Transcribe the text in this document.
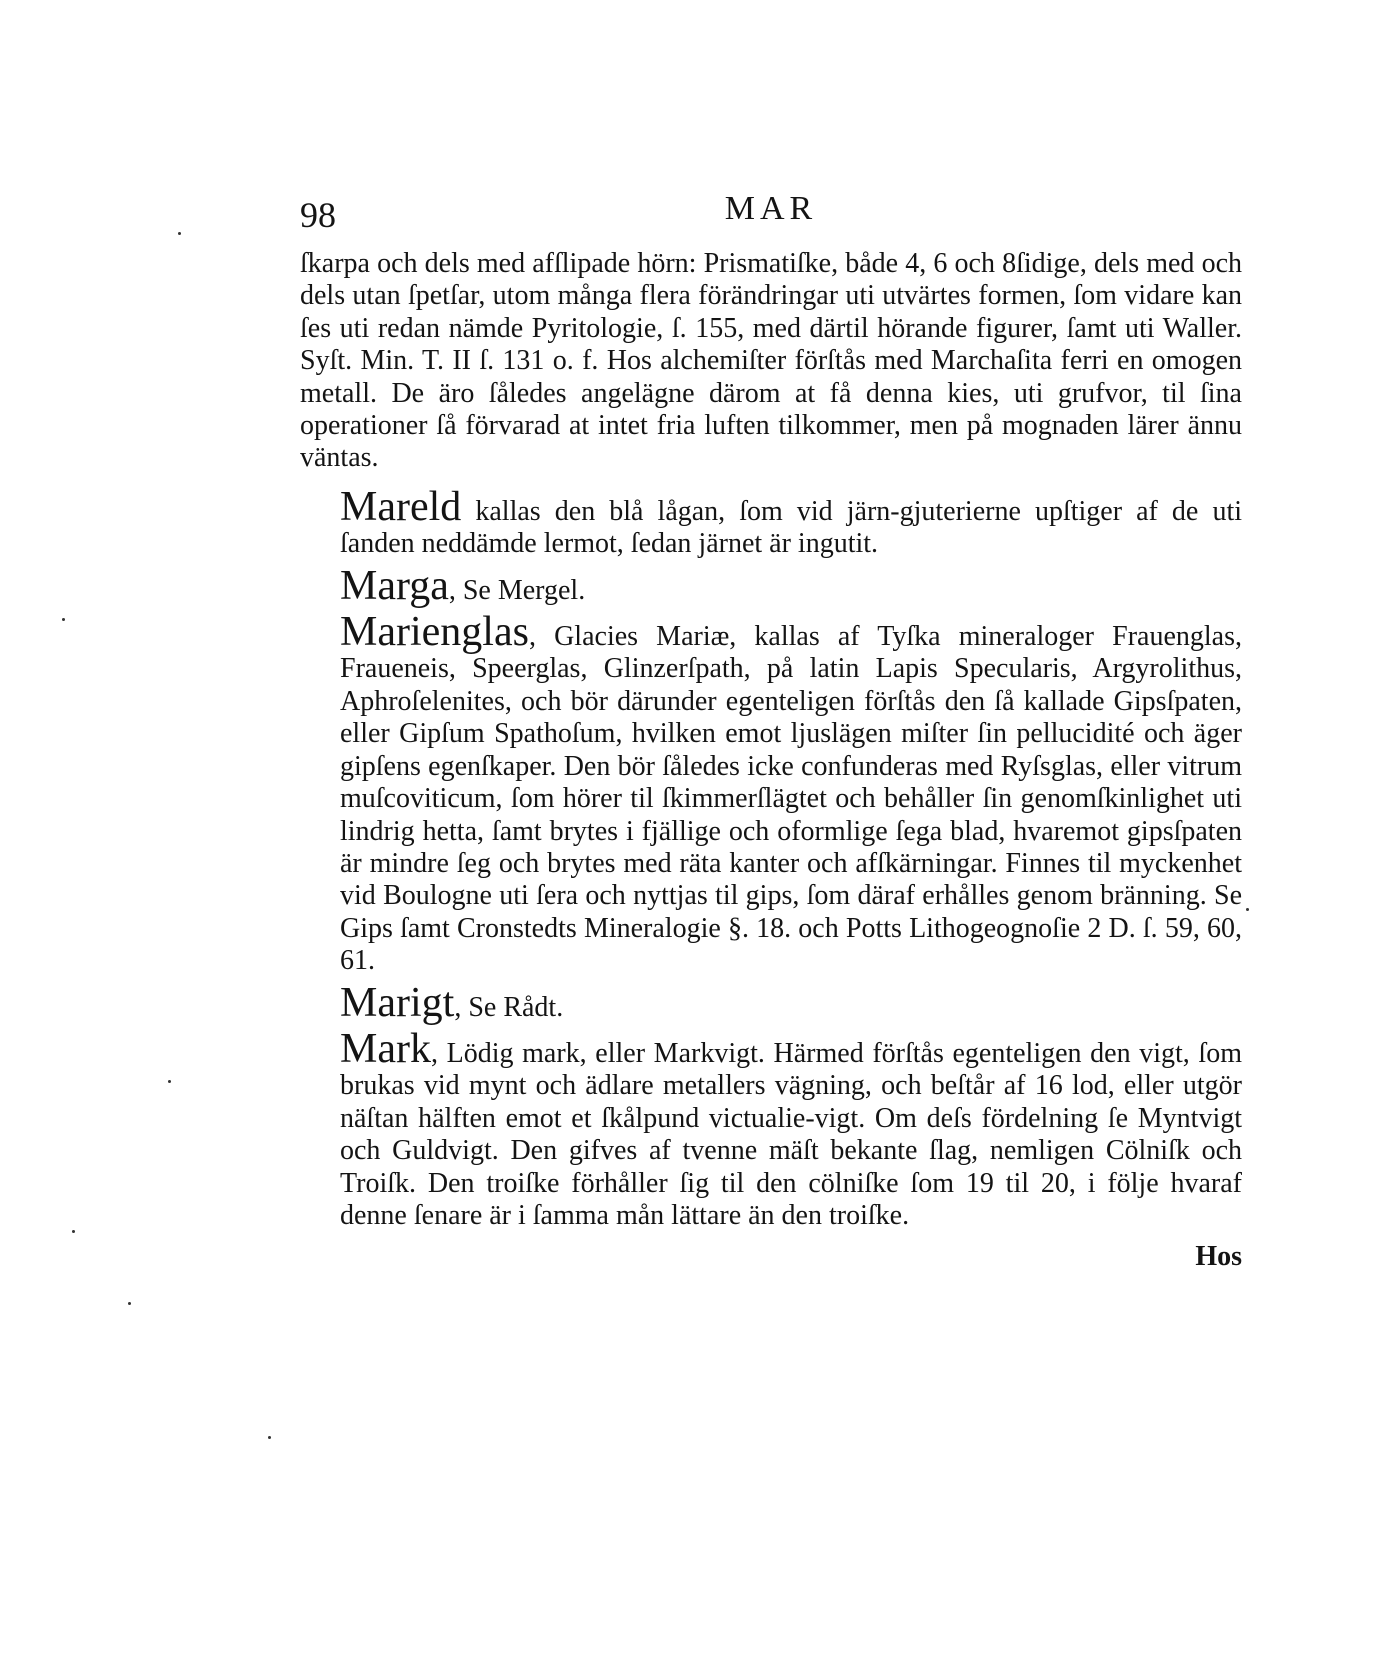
98	MAR

ſkarpa och dels med afſlipade hörn: Prismatiſke, både 4, 6 och 8ſidige, dels med och dels utan ſpetſar, utom många flera förändringar uti utvärtes formen, ſom vidare kan ſes uti redan nämde Pyritologie, ſ. 155, med därtil hörande figurer, ſamt uti Waller. Syſt. Min. T. II ſ. 131 o. f. Hos alchemiſter förſtås med Marchaſita ferri en omogen metall. De äro ſåledes angelägne därom at få denna kies, uti grufvor, til ſina operationer ſå förvarad at intet fria luften tilkommer, men på mognaden lärer ännu väntas.

Mareld kallas den blå lågan, ſom vid järn-gjuterierne upſtiger af de uti ſanden neddämde lermot, ſedan järnet är ingutit.

Marga, Se Mergel.

Marienglas, Glacies Mariæ, kallas af Tyſka mineraloger Frauenglas, Fraueneis, Speerglas, Glinzerſpath, på latin Lapis Specularis, Argyrolithus, Aphroſelenites, och bör därunder egenteligen förſtås den ſå kallade Gipsſpaten, eller Gipſum Spathoſum, hvilken emot ljuslägen miſter ſin pellucidité och äger gipſens egenſkaper. Den bör ſåledes icke confunderas med Ryſsglas, eller vitrum muſcoviticum, ſom hörer til ſkimmerſlägtet och behåller ſin genomſkinlighet uti lindrig hetta, ſamt brytes i fjällige och oformlige ſega blad, hvaremot gipsſpaten är mindre ſeg och brytes med räta kanter och afſkärningar. Finnes til myckenhet vid Boulogne uti ſera och nyttjas til gips, ſom däraf erhålles genom bränning. Se Gips ſamt Cronstedts Mineralogie §. 18. och Potts Lithogeognoſie 2 D. ſ. 59, 60, 61.

Marigt, Se Rådt.

Mark, Lödig mark, eller Markvigt. Härmed förſtås egenteligen den vigt, ſom brukas vid mynt och ädlare metallers vägning, och beſtår af 16 lod, eller utgör näſtan hälften emot et ſkålpund victualie-vigt. Om deſs fördelning ſe Myntvigt och Guldvigt. Den gifves af tvenne mäſt bekante ſlag, nemligen Cölniſk och Troiſk. Den troiſke förhåller ſig til den cölniſke ſom 19 til 20, i följe hvaraf denne ſenare är i ſamma mån lättare än den troiſke.

Hos
